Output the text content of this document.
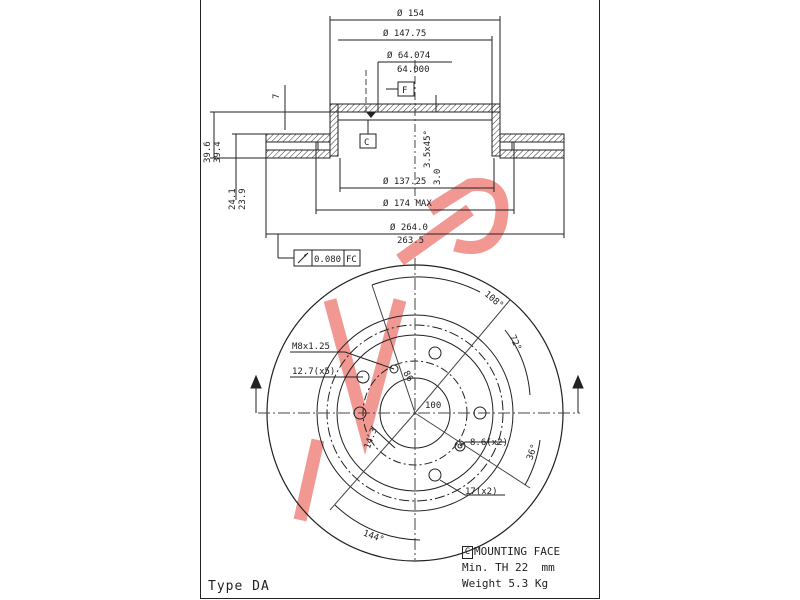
Ø 154
Ø 147.75
Ø 64.074
64.000
Ø 137.25
Ø 174 MAX
Ø 264.0
263.5
7
39.6 39.4
24.1 23.9
3.5x45°
3.0
F
C
0.080 FC
108°
72°
36°
144°
100
86
14.3
M8x1.25
12.7(x5)
8.6(x2)
17(x2)
C MOUNTING FACE
Min. TH 22  mm
Weight 5.3 Kg
Type DA
